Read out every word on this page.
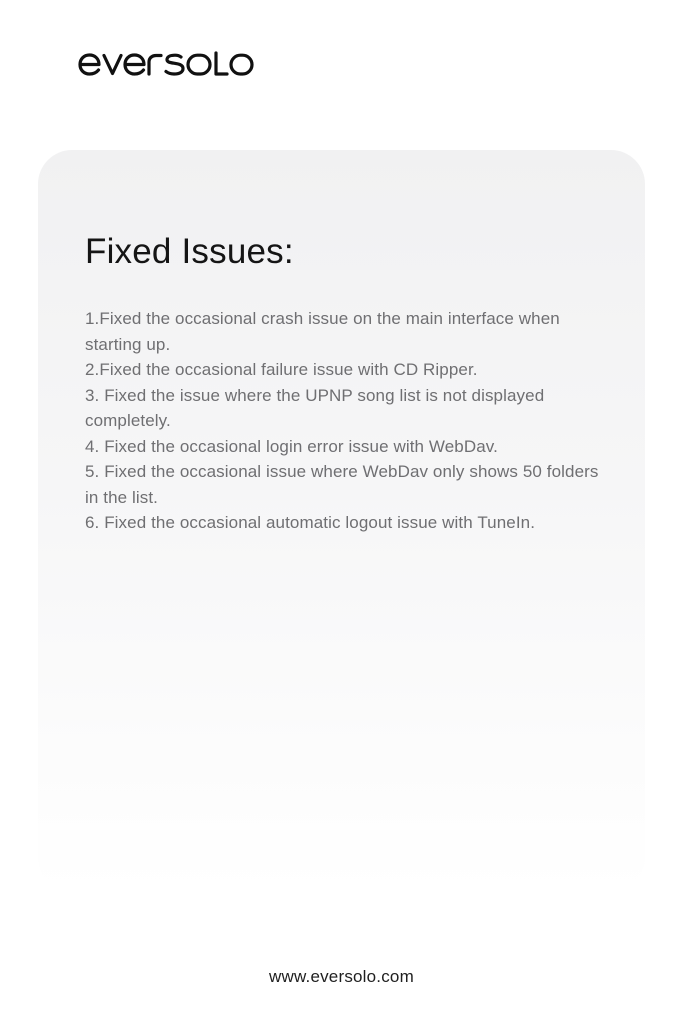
Fixed Issues:
1.Fixed the occasional crash issue on the main interface when starting up.
2.Fixed the occasional failure issue with CD Ripper.
3. Fixed the issue where the UPNP song list is not displayed completely.
4. Fixed the occasional login error issue with WebDav.
5. Fixed the occasional issue where WebDav only shows 50 folders in the list.
6. Fixed the occasional automatic logout issue with TuneIn.
www.eversolo.com
